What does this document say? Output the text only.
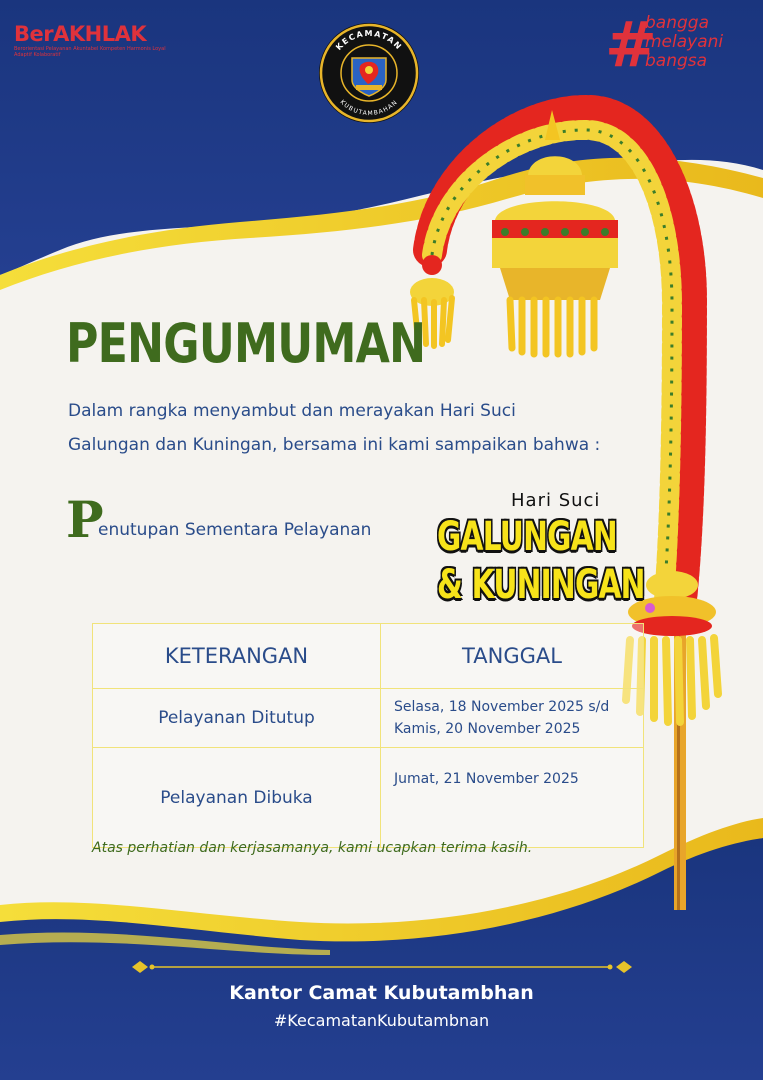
BerAKHLAK
Berorientasi Pelayanan Akuntabel Kompeten Harmonis Loyal Adaptif Kolaboratif
KECAMATAN
KUBUTAMBAHAN
#
bangga
melayani
bangsa
PENGUMUMAN
Dalam rangka menyambut dan merayakan Hari Suci
Galungan dan Kuningan, bersama ini kami sampaikan bahwa :
P
enutupan Sementara Pelayanan
Hari Suci
GALUNGAN
& KUNINGAN
KETERANGAN	TANGGAL
Pelayanan Ditutup	Selasa, 18 November 2025 s/d
Kamis, 20 November 2025

Pelayanan Dibuka	Jumat, 21 November 2025
Atas perhatian dan kerjasamanya, kami ucapkan terima kasih.
Kantor Camat Kubutambhan
#KecamatanKubutambnan
